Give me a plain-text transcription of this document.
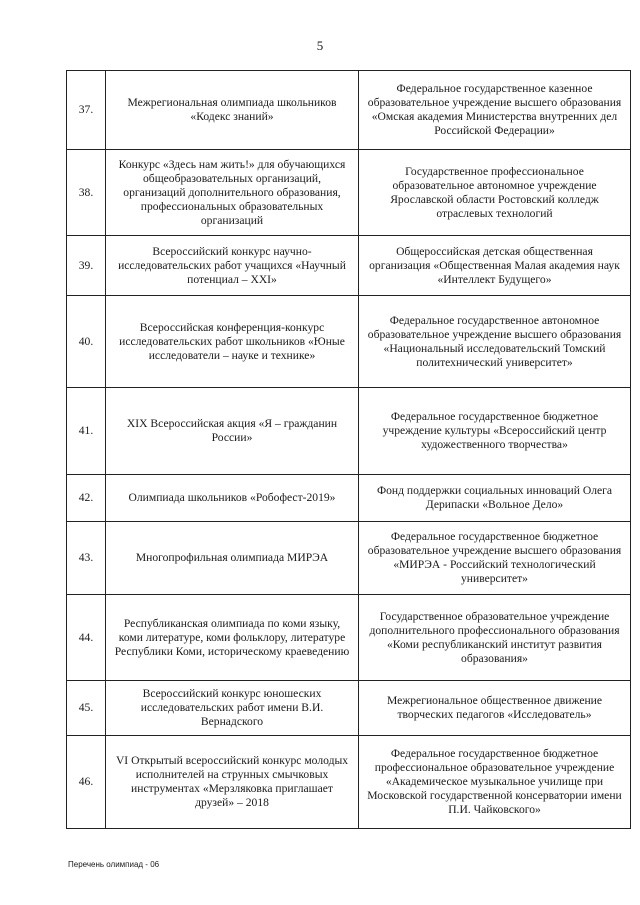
5
37.	Межрегиональная олимпиада школьников «Кодекс знаний»	Федеральное государственное казенное образовательное учреждение высшего образования «Омская академия Министерства внутренних дел Российской Федерации»
38.	Конкурс «Здесь нам жить!» для обучающихся общеобразовательных организаций, организаций дополнительного образования, профессиональных образовательных организаций	Государственное профессиональное образовательное автономное учреждение Ярославской области Ростовский колледж отраслевых технологий
39.	Всероссийский конкурс научно-исследовательских работ учащихся «Научный потенциал – XXI»	Общероссийская детская общественная организация «Общественная Малая академия наук «Интеллект Будущего»
40.	Всероссийская конференция-конкурс исследовательских работ школьников «Юные исследователи – науке и технике»	Федеральное государственное автономное образовательное учреждение высшего образования «Национальный исследовательский Томский политехнический университет»
41.	XIX Всероссийская акция «Я – гражданин России»	Федеральное государственное бюджетное учреждение культуры «Всероссийский центр художественного творчества»
42.	Олимпиада школьников «Робофест-2019»	Фонд поддержки социальных инноваций Олега Дерипаски «Вольное Дело»
43.	Многопрофильная олимпиада МИРЭА	Федеральное государственное бюджетное образовательное учреждение высшего образования «МИРЭА - Российский технологический университет»
44.	Республиканская олимпиада по коми языку, коми литературе, коми фольклору, литературе Республики Коми, историческому краеведению	Государственное образовательное учреждение дополнительного профессионального образования «Коми республиканский институт развития образования»
45.	Всероссийский конкурс юношеских исследовательских работ имени В.И. Вернадского	Межрегиональное общественное движение творческих педагогов «Исследователь»
46.	VI Открытый всероссийский конкурс молодых исполнителей на струнных смычковых инструментах «Мерзляковка приглашает друзей» – 2018	Федеральное государственное бюджетное профессиональное образовательное учреждение «Академическое музыкальное училище при Московской государственной консерватории имени П.И. Чайковского»
Перечень олимпиад - 06
